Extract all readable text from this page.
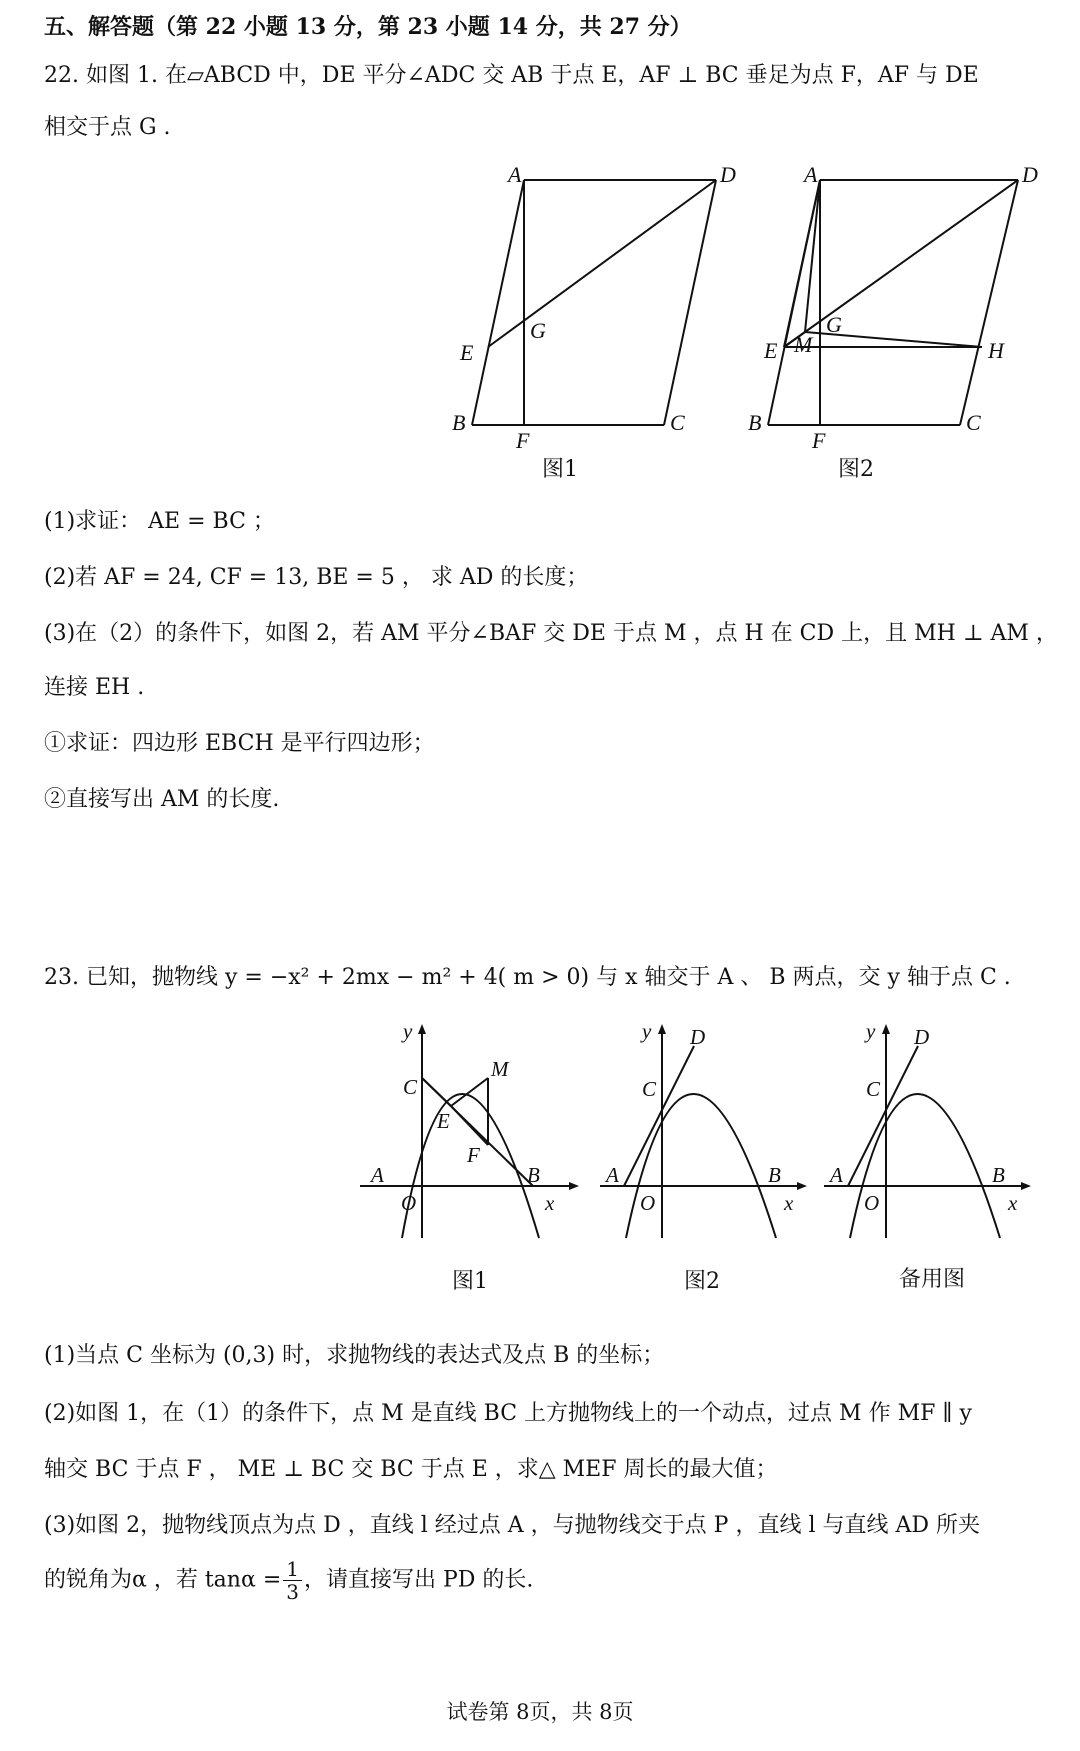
五、解答题（第 22 小题 13 分，第 23 小题 14 分，共 27 分）
22. 如图 1. 在▱ABCD 中，DE 平分∠ADC 交 AB 于点 E，AF ⊥ BC 垂足为点 F，AF 与 DE
相交于点 G .
A	D
E
G
B
F
C
图1
A	D
G
E M	H
B
F
C
图2
(1)求证： AE = BC ；
(2)若 AF = 24, CF = 13, BE = 5 ， 求 AD 的长度；
(3)在（2）的条件下，如图 2，若 AM 平分∠BAF 交 DE 于点 M ，点 H 在 CD 上，且 MH ⊥ AM ，
连接 EH .
①求证：四边形 EBCH 是平行四边形；
②直接写出 AM 的长度.
23. 已知，抛物线 y = −x² + 2mx − m² + 4( m > 0) 与 x 轴交于 A 、 B 两点，交 y 轴于点 C .
y
x
O
A	B
C
M
E
F
图1
y
x
O
A	B
C
D
图2
y
x
O
A	B
C
D
备用图
(1)当点 C 坐标为 (0,3) 时，求抛物线的表达式及点 B 的坐标；
(2)如图 1，在（1）的条件下，点 M 是直线 BC 上方抛物线上的一个动点，过点 M 作 MF ∥ y
轴交 BC 于点 F ， ME ⊥ BC 交 BC 于点 E ，求△ MEF 周长的最大值；
(3)如图 2，抛物线顶点为点 D ，直线 l 经过点 A ，与抛物线交于点 P ，直线 l 与直线 AD 所夹
的锐角为α ，若 $\tan\alpha = \frac{1}{3}$ ，请直接写出 PD 的长.
试卷第 8页，共 8页
